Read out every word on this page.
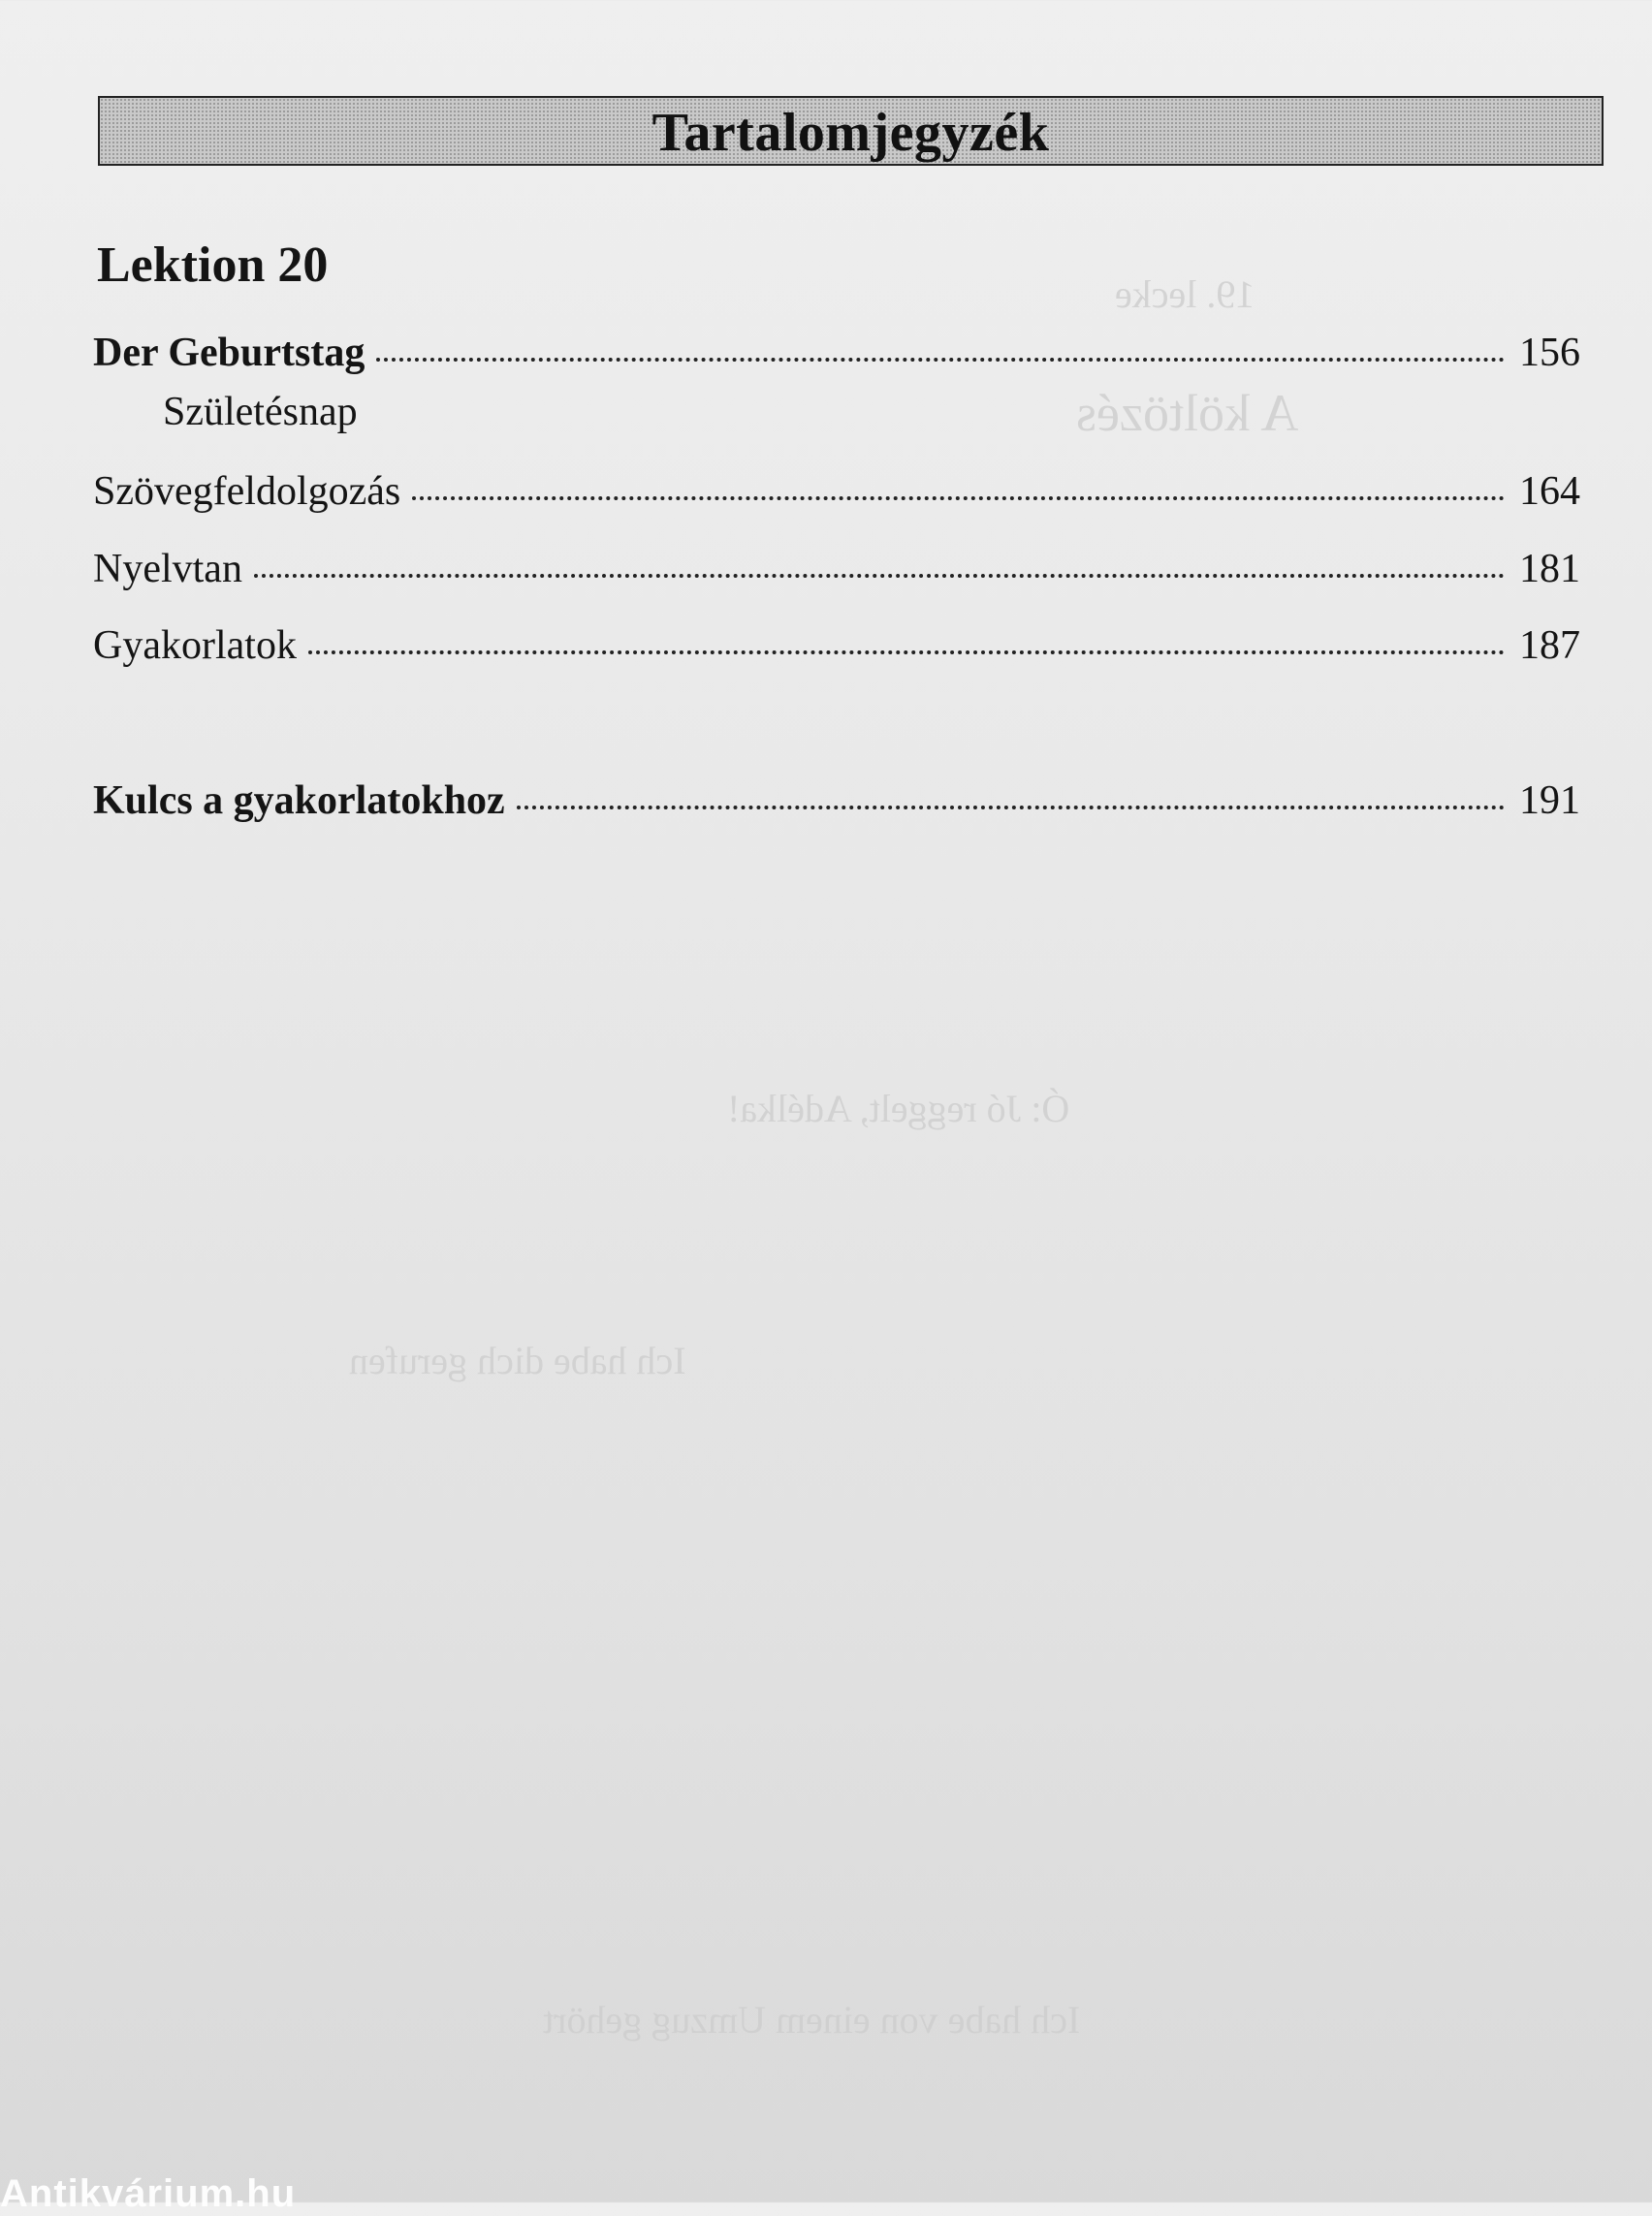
19. lecke
A költözés
Ó: Jó reggelt, Adélka!
Ich habe dich gerufen
Ich habe von einem Umzug gehört
Tartalomjegyzék
Lektion 20
Der Geburtstag	156
Születésnap
Szövegfeldolgozás	164
Nyelvtan	181
Gyakorlatok	187
Kulcs a gyakorlatokhoz	191
Antikvárium.hu
